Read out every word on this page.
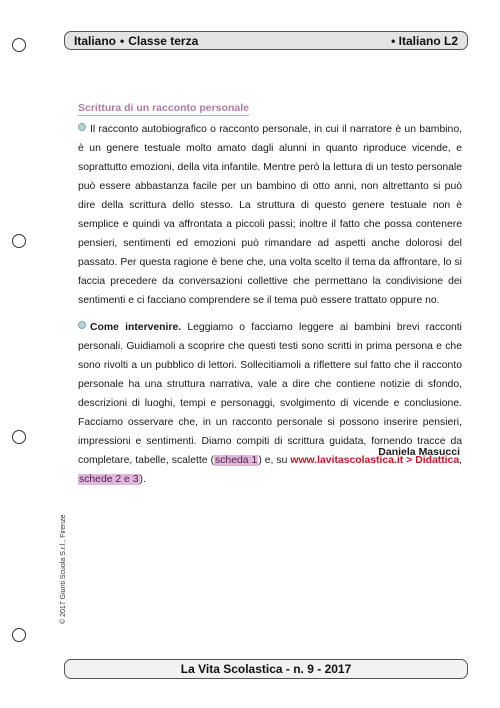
Italiano • Classe terza	• Italiano L2
Scrittura di un racconto personale

Il racconto autobiografico o racconto personale, in cui il narratore è un bambino, è un genere testuale molto amato dagli alunni in quanto riproduce vicende, e soprattutto emozioni, della vita infantile. Mentre però la lettura di un testo personale può essere abbastanza facile per un bambino di otto anni, non altrettanto si può dire della scrittura dello stesso. La struttura di questo genere testuale non è semplice e quindi va affrontata a piccoli passi; inoltre il fatto che possa contenere pensieri, sentimenti ed emozioni può rimandare ad aspetti anche dolorosi del passato. Per questa ragione è bene che, una volta scelto il tema da affrontare, lo si faccia precedere da conversazioni collettive che permettano la condivisione dei sentimenti e ci facciano comprendere se il tema può essere trattato oppure no.

Come intervenire. Leggiamo o facciamo leggere ai bambini brevi racconti personali. Guidiamoli a scoprire che questi testi sono scritti in prima persona e che sono rivolti a un pubblico di lettori. Sollecitiamoli a riflettere sul fatto che il racconto personale ha una struttura narrativa, vale a dire che contiene notizie di sfondo, descrizioni di luoghi, tempi e personaggi, svolgimento di vicende e conclusione. Facciamo osservare che, in un racconto personale si possono inserire pensieri, impressioni e sentimenti. Diamo compiti di scrittura guidata, fornendo tracce da completare, tabelle, scalette (scheda 1) e, su www.lavitascolastica.it > Didattica, schede 2 e 3).

Daniela Masucci
© 2017 Giunti Scuola S.r.l., Firenze
La Vita Scolastica - n. 9 - 2017
